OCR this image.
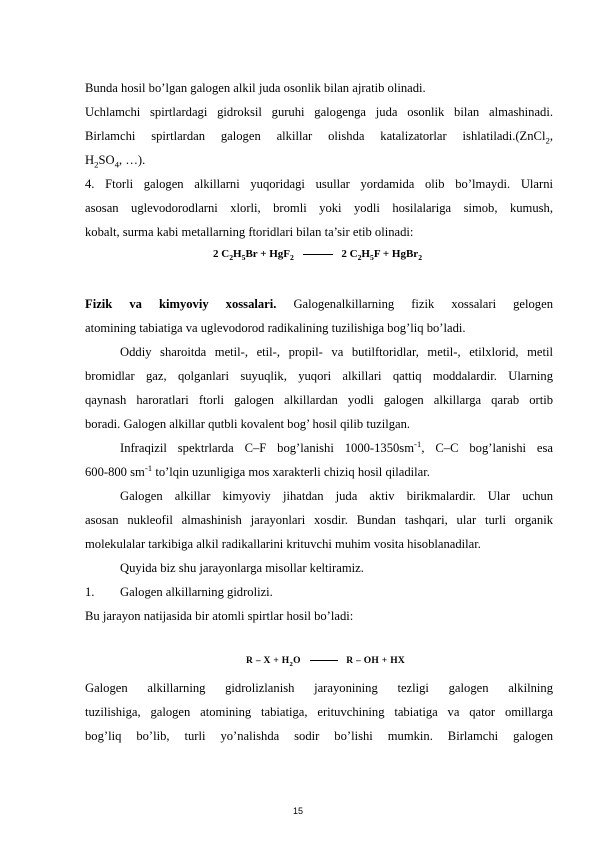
Bunda hosil bo’lgan galogen alkil juda osonlik bilan ajratib olinadi.
Uchlamchi spirtlardagi gidroksil guruhi galogenga juda osonlik bilan almashinadi.
Birlamchi spirtlardan galogen alkillar olishda katalizatorlar ishlatiladi.(ZnCl$_2$,
$H_2SO_4$, …).
4. Ftorli galogen alkillarni yuqoridagi usullar yordamida olib bo’lmaydi. Ularni
asosan uglevodorodlarni xlorli, bromli yoki yodli hosilalariga simob, kumush,
kobalt, surma kabi metallarning ftoridlari bilan ta’sir etib olinadi:
2 $C_2H_5Br + HgF_2$	2 $C_2H_5F$ + HgBr$_2$
Fizik va kimyoviy xossalari. Galogenalkillarning fizik xossalari gelogen
atomining tabiatiga va uglevodorod radikalining tuzilishiga bog’liq bo’ladi.
Oddiy sharoitda metil-, etil-, propil- va butilftoridlar, metil-, etilxlorid, metil
bromidlar gaz, qolganlari suyuqlik, yuqori alkillari qattiq moddalardir. Ularning
qaynash haroratlari ftorli galogen alkillardan yodli galogen alkillarga qarab ortib
boradi. Galogen alkillar qutbli kovalent bog’ hosil qilib tuzilgan.
Infraqizil spektrlarda C–F bog’lanishi $1000-1350sm^{-1}$, C–C bog’lanishi esa
600-800 $sm^{-1}$ to’lqin uzunligiga mos xarakterli chiziq hosil qiladilar.
Galogen alkillar kimyoviy jihatdan juda aktiv birikmalardir. Ular uchun
asosan nukleofil almashinish jarayonlari xosdir. Bundan tashqari, ular turli organik
molekulalar tarkibiga alkil radikallarini krituvchi muhim vosita hisoblanadilar.
Quyida biz shu jarayonlarga misollar keltiramiz.
1.	Galogen alkillarning gidrolizi.
Bu jarayon natijasida bir atomli spirtlar hosil bo’ladi:
$R - X + H_2O$	R – OH + HX
Galogen alkillarning gidrolizlanish jarayonining tezligi galogen alkilning
tuzilishiga, galogen atomining tabiatiga, erituvchining tabiatiga va qator omillarga
bog’liq bo’lib, turli yo’nalishda sodir bo’lishi mumkin. Birlamchi galogen
15
